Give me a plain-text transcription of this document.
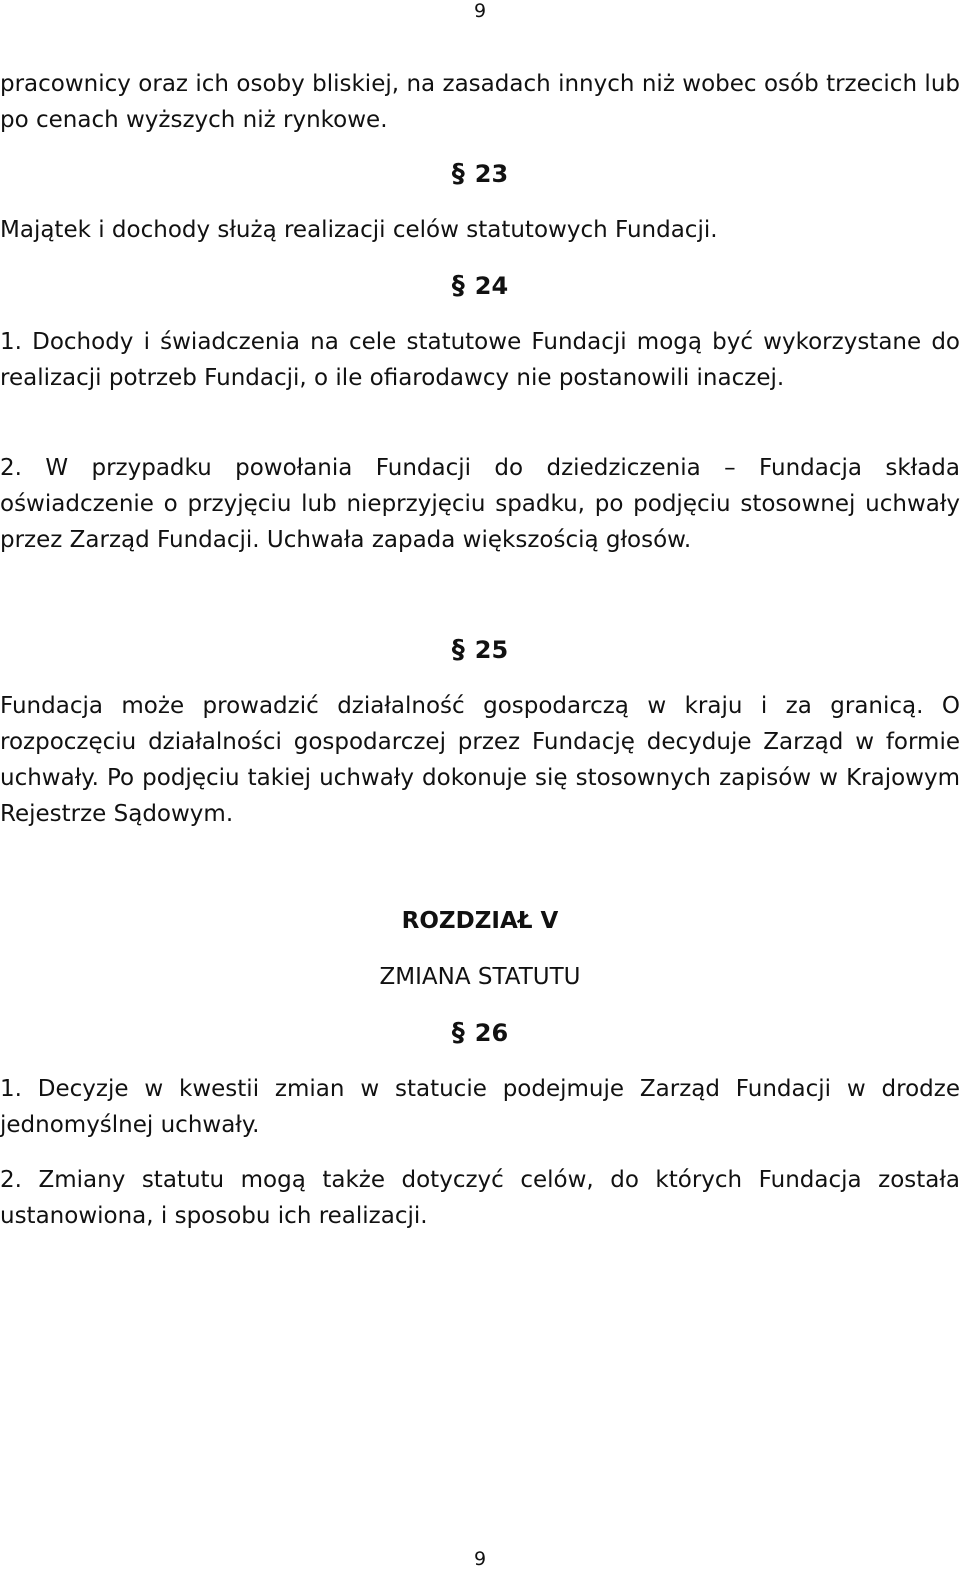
9

pracownicy oraz ich osoby bliskiej, na zasadach innych niż wobec osób trzecich lub po cenach wyższych niż rynkowe.

§ 23

Majątek i dochody służą realizacji celów statutowych Fundacji.

§ 24

1. Dochody i świadczenia na cele statutowe Fundacji mogą być wykorzystane do realizacji potrzeb Fundacji, o ile ofiarodawcy nie postanowili inaczej.

2. W przypadku powołania Fundacji do dziedziczenia – Fundacja składa oświadczenie o przyjęciu lub nieprzyjęciu spadku, po podjęciu stosownej uchwały przez Zarząd Fundacji. Uchwała zapada większością głosów.

§ 25

Fundacja może prowadzić działalność gospodarczą w kraju i za granicą. O rozpoczęciu działalności gospodarczej przez Fundację decyduje Zarząd w formie uchwały. Po podjęciu takiej uchwały dokonuje się stosownych zapisów w Krajowym Rejestrze Sądowym.

ROZDZIAŁ V
ZMIANA STATUTU
§ 26

1. Decyzje w kwestii zmian w statucie podejmuje Zarząd Fundacji w drodze jednomyślnej uchwały.

2. Zmiany statutu mogą także dotyczyć celów, do których Fundacja została ustanowiona, i sposobu ich realizacji.

9
